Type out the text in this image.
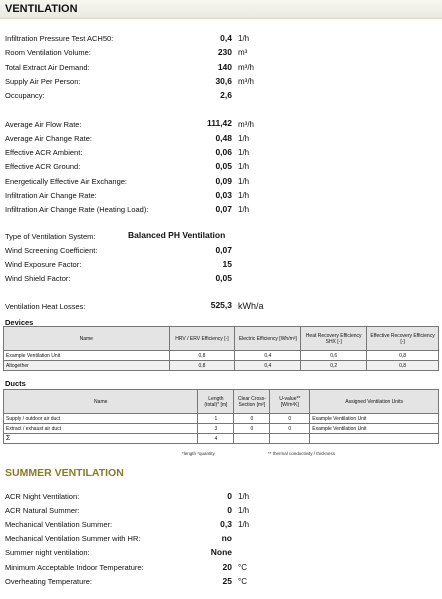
VENTILATION
Infiltration Pressure Test ACH50:	0,4 1/h
Room Ventilation Volume:	230 m³
Total Extract Air Demand:	140 m³/h
Supply Air Per Person:	30,6 m³/h
Occupancy:	2,6
Average Air Flow Rate:	111,42 m³/h
Average Air Change Rate:	0,48 1/h
Effective ACR Ambient:	0,06 1/h
Effective ACR Ground:	0,05 1/h
Energetically Effective Air Exchange:	0,09 1/h
Infiltration Air Change Rate:	0,03 1/h
Infiltration Air Change Rate (Heating Load):	0,07 1/h
Type of Ventilation System:	Balanced PH Ventilation
Wind Screening Coefficient:	0,07
Wind Exposure Factor:	15
Wind Shield Factor:	0,05
Ventilation Heat Losses:	525,3 kWh/a
Devices
Name	HRV / ERV Efficiency [-]	Electric Efficiency [Wh/m³]	Heat Recovery Efficiency SHX [-]	Effective Recovery Efficiency [-]
Example Ventilation Unit	0,8	0,4	0,6	0,8
Altogether	0,8	0,4	0,2	0,8
Ducts
Name	Length (total)* [m]	Clear Cross-Section [m²]	U-value** [W/m²K]	Assigned Ventilation Units
Supply / outdoor air duct	1	0	0	Example Ventilation Unit
Extract / exhaust air duct	3	0	0	Example Ventilation Unit
Σ	4			
*length *quantity	** thermal conductivity / thickness
SUMMER VENTILATION
ACR Night Ventilation:	0 1/h
ACR Natural Summer:	0 1/h
Mechanical Ventilation Summer:	0,3 1/h
Mechanical Ventilation Summer with HR:	no
Summer night ventilation:	None
Minimum Acceptable Indoor Temperature:	20 °C
Overheating Temperature:	25 °C
